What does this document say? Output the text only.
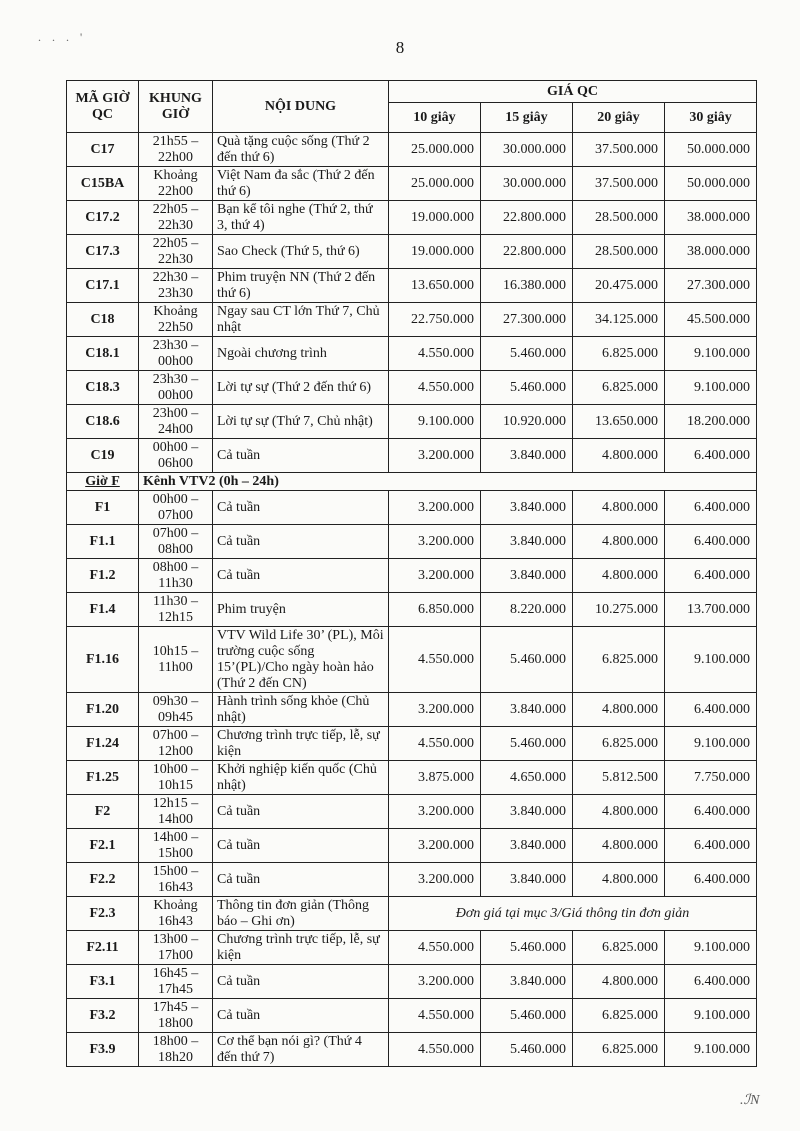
. . . '
8
MÃ GIỜ QC	KHUNG GIỜ	NỘI DUNG	GIÁ QC			
			10 giây	15 giây	20 giây	30 giây
C17	21h55 – 22h00	Quà tặng cuộc sống (Thứ 2 đến thứ 6)	25.000.000	30.000.000	37.500.000	50.000.000
C15BA	Khoảng 22h00	Việt Nam đa sắc (Thứ 2 đến thứ 6)	25.000.000	30.000.000	37.500.000	50.000.000
C17.2	22h05 – 22h30	Bạn kể tôi nghe (Thứ 2, thứ 3, thứ 4)	19.000.000	22.800.000	28.500.000	38.000.000
C17.3	22h05 – 22h30	Sao Check (Thứ 5, thứ 6)	19.000.000	22.800.000	28.500.000	38.000.000
C17.1	22h30 – 23h30	Phim truyện NN (Thứ 2 đến thứ 6)	13.650.000	16.380.000	20.475.000	27.300.000
C18	Khoảng 22h50	Ngay sau CT lớn Thứ 7, Chủ nhật	22.750.000	27.300.000	34.125.000	45.500.000
C18.1	23h30 – 00h00	Ngoài chương trình	4.550.000	5.460.000	6.825.000	9.100.000
C18.3	23h30 – 00h00	Lời tự sự (Thứ 2 đến thứ 6)	4.550.000	5.460.000	6.825.000	9.100.000
C18.6	23h00 – 24h00	Lời tự sự (Thứ 7, Chủ nhật)	9.100.000	10.920.000	13.650.000	18.200.000
C19	00h00 – 06h00	Cả tuần	3.200.000	3.840.000	4.800.000	6.400.000
Giờ F	Kênh VTV2 (0h – 24h)					
F1	00h00 – 07h00	Cả tuần	3.200.000	3.840.000	4.800.000	6.400.000
F1.1	07h00 – 08h00	Cả tuần	3.200.000	3.840.000	4.800.000	6.400.000
F1.2	08h00 – 11h30	Cả tuần	3.200.000	3.840.000	4.800.000	6.400.000
F1.4	11h30 – 12h15	Phim truyện	6.850.000	8.220.000	10.275.000	13.700.000
F1.16	10h15 – 11h00	VTV Wild Life 30’ (PL), Môi trường cuộc sống 15’(PL)/Cho ngày hoàn hảo (Thứ 2 đến CN)	4.550.000	5.460.000	6.825.000	9.100.000
F1.20	09h30 – 09h45	Hành trình sống khỏe (Chủ nhật)	3.200.000	3.840.000	4.800.000	6.400.000
F1.24	07h00 – 12h00	Chương trình trực tiếp, lễ, sự kiện	4.550.000	5.460.000	6.825.000	9.100.000
F1.25	10h00 – 10h15	Khởi nghiệp kiến quốc (Chủ nhật)	3.875.000	4.650.000	5.812.500	7.750.000
F2	12h15 – 14h00	Cả tuần	3.200.000	3.840.000	4.800.000	6.400.000
F2.1	14h00 – 15h00	Cả tuần	3.200.000	3.840.000	4.800.000	6.400.000
F2.2	15h00 – 16h43	Cả tuần	3.200.000	3.840.000	4.800.000	6.400.000
F2.3	Khoảng 16h43	Thông tin đơn giản (Thông báo – Ghi ơn)	Đơn giá tại mục 3/Giá thông tin đơn giản			
F2.11	13h00 – 17h00	Chương trình trực tiếp, lễ, sự kiện	4.550.000	5.460.000	6.825.000	9.100.000
F3.1	16h45 – 17h45	Cả tuần	3.200.000	3.840.000	4.800.000	6.400.000
F3.2	17h45 – 18h00	Cả tuần	4.550.000	5.460.000	6.825.000	9.100.000
F3.9	18h00 – 18h20	Cơ thể bạn nói gì? (Thứ 4 đến thứ 7)	4.550.000	5.460.000	6.825.000	9.100.000
.ℐN
